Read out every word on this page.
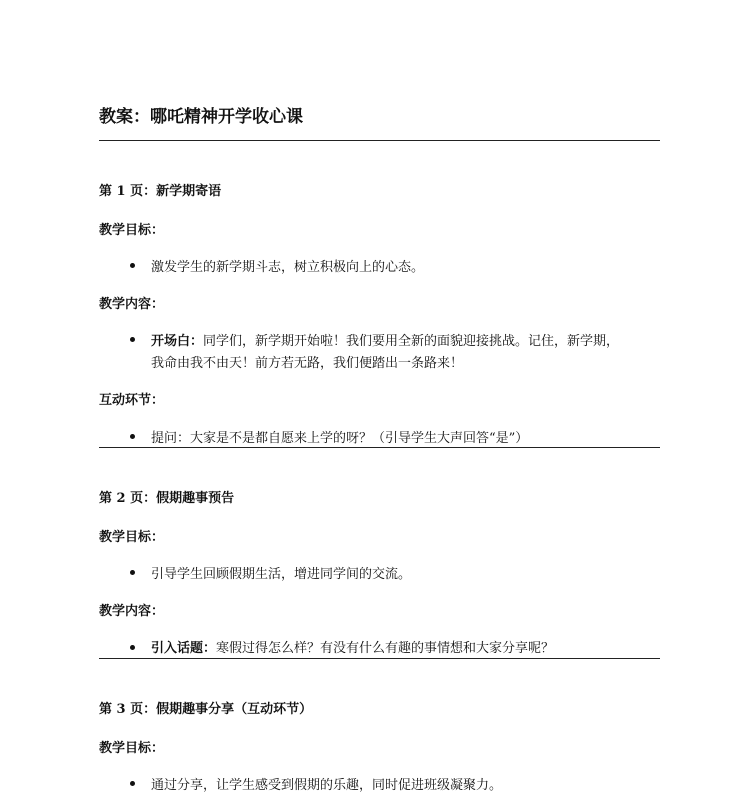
教案：哪吒精神开学收心课
第 1 页：新学期寄语
教学目标：
激发学生的新学期斗志，树立积极向上的心态。
教学内容：
开场白：同学们，新学期开始啦！我们要用全新的面貌迎接挑战。记住，新学期，
我命由我不由天！前方若无路，我们便踏出一条路来！
互动环节：
提问：大家是不是都自愿来上学的呀？（引导学生大声回答“是”）
第 2 页：假期趣事预告
教学目标：
引导学生回顾假期生活，增进同学间的交流。
教学内容：
引入话题：寒假过得怎么样？有没有什么有趣的事情想和大家分享呢？
第 3 页：假期趣事分享（互动环节）
教学目标：
通过分享，让学生感受到假期的乐趣，同时促进班级凝聚力。
